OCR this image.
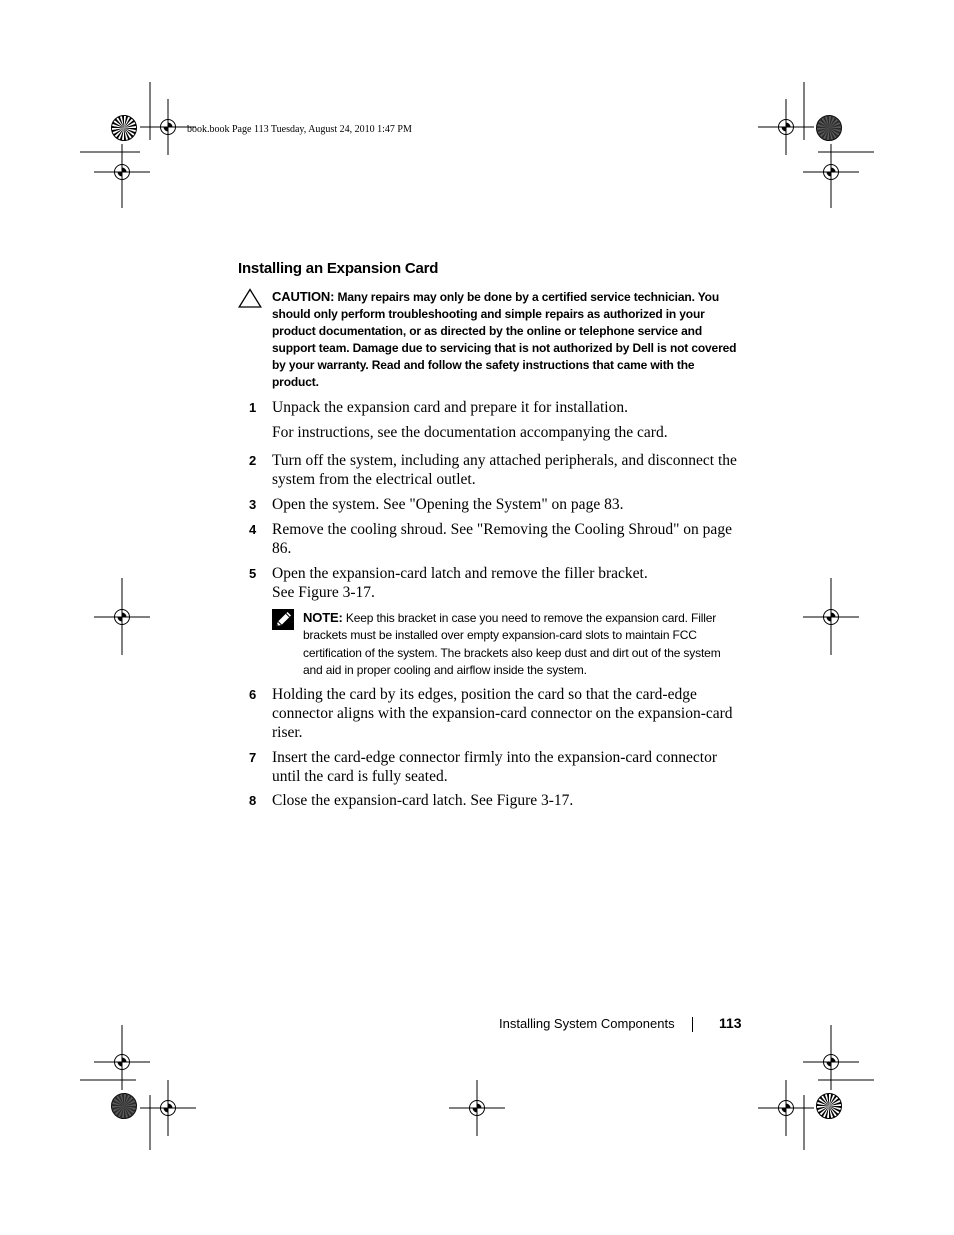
book.book Page 113 Tuesday, August 24, 2010 1:47 PM
Installing an Expansion Card
CAUTION: Many repairs may only be done by a certified service technician. You should only perform troubleshooting and simple repairs as authorized in your product documentation, or as directed by the online or telephone service and support team. Damage due to servicing that is not authorized by Dell is not covered by your warranty. Read and follow the safety instructions that came with the product.
1 Unpack the expansion card and prepare it for installation.
For instructions, see the documentation accompanying the card.
2 Turn off the system, including any attached peripherals, and disconnect the system from the electrical outlet.
3 Open the system. See "Opening the System" on page 83.
4 Remove the cooling shroud. See "Removing the Cooling Shroud" on page 86.
5 Open the expansion-card latch and remove the filler bracket.
See Figure 3-17.
NOTE: Keep this bracket in case you need to remove the expansion card. Filler brackets must be installed over empty expansion-card slots to maintain FCC certification of the system. The brackets also keep dust and dirt out of the system and aid in proper cooling and airflow inside the system.
6 Holding the card by its edges, position the card so that the card-edge connector aligns with the expansion-card connector on the expansion-card riser.
7 Insert the card-edge connector firmly into the expansion-card connector until the card is fully seated.
8 Close the expansion-card latch. See Figure 3-17.
Installing System Components	113
